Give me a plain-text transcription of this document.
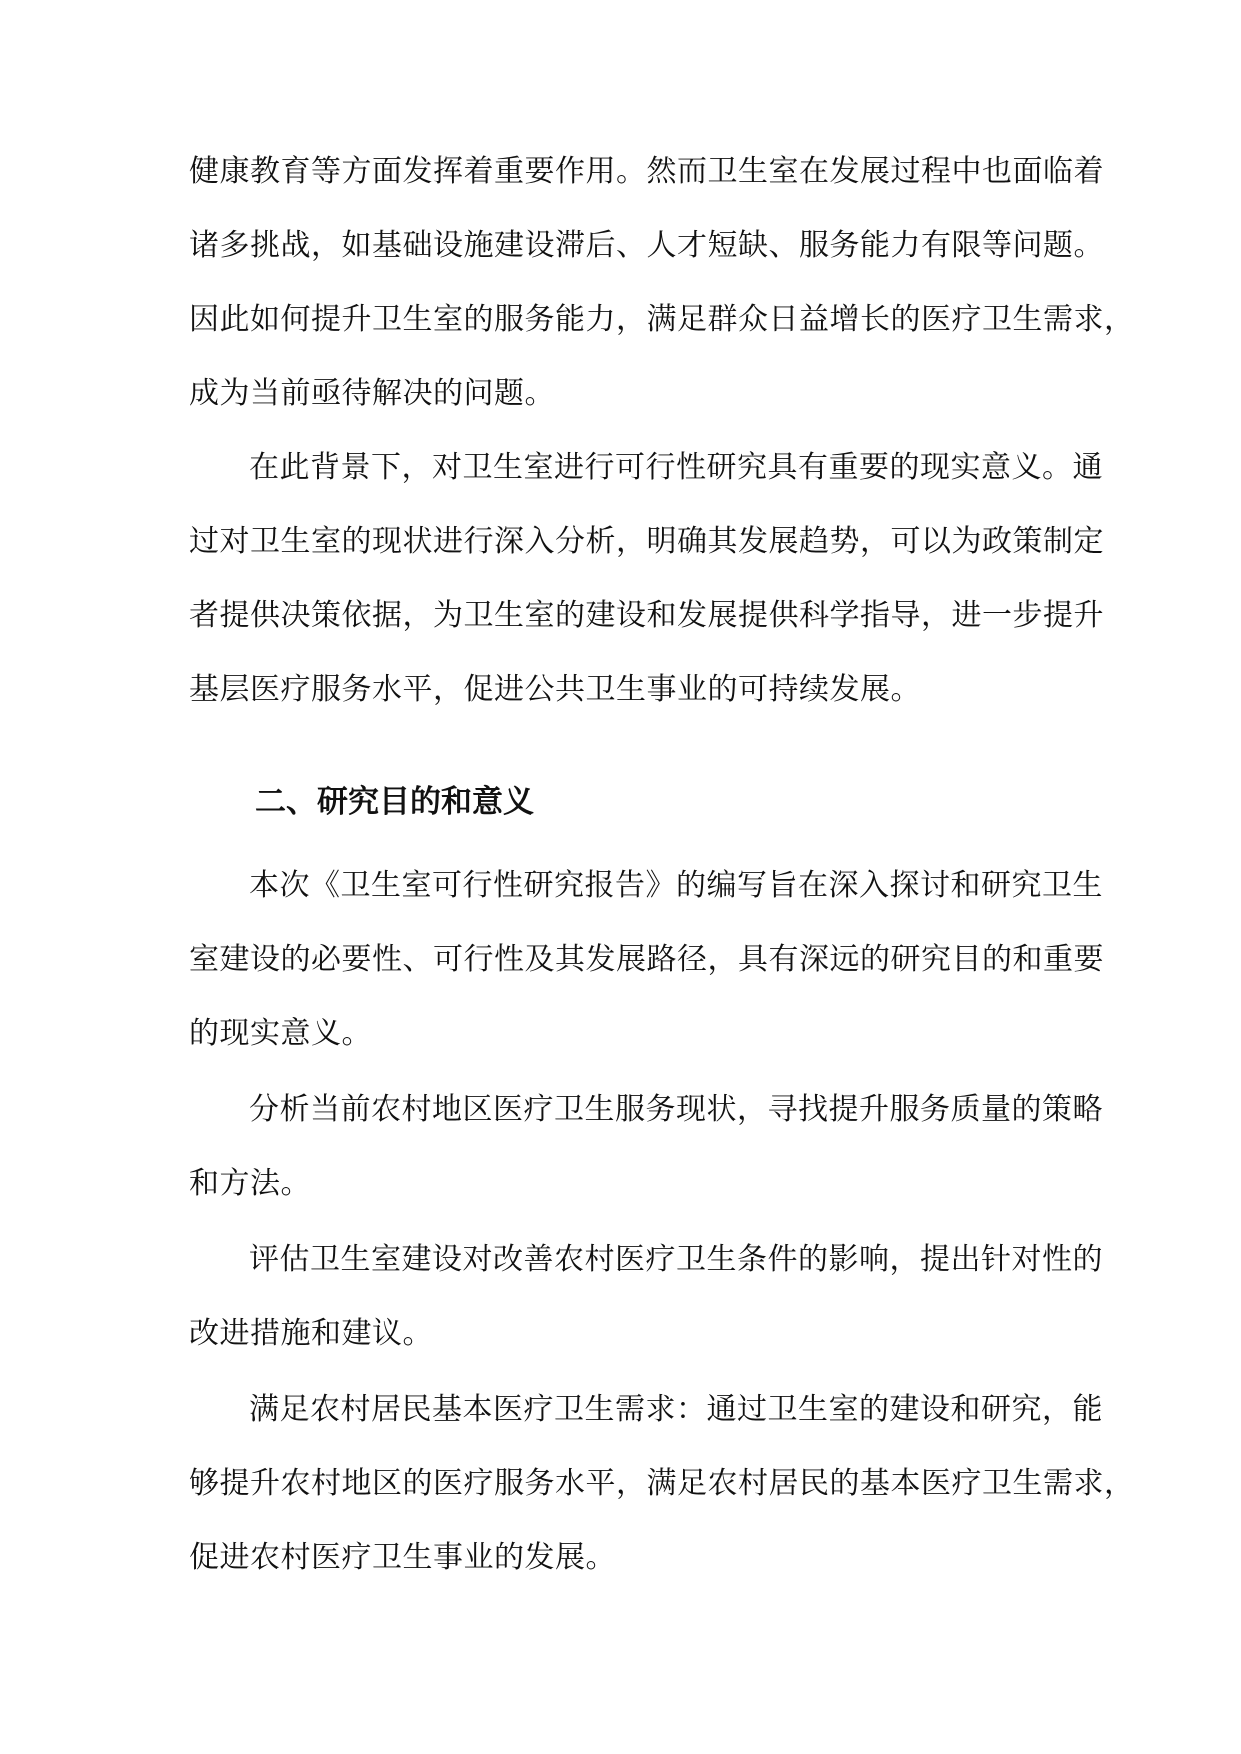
健康教育等方面发挥着重要作用。然而卫生室在发展过程中也面临着
诸多挑战，如基础设施建设滞后、人才短缺、服务能力有限等问题。
因此如何提升卫生室的服务能力，满足群众日益增长的医疗卫生需求，
成为当前亟待解决的问题。
在此背景下，对卫生室进行可行性研究具有重要的现实意义。通
过对卫生室的现状进行深入分析，明确其发展趋势，可以为政策制定
者提供决策依据，为卫生室的建设和发展提供科学指导，进一步提升
基层医疗服务水平，促进公共卫生事业的可持续发展。
二、研究目的和意义
本次《卫生室可行性研究报告》的编写旨在深入探讨和研究卫生
室建设的必要性、可行性及其发展路径，具有深远的研究目的和重要
的现实意义。
分析当前农村地区医疗卫生服务现状，寻找提升服务质量的策略
和方法。
评估卫生室建设对改善农村医疗卫生条件的影响，提出针对性的
改进措施和建议。
满足农村居民基本医疗卫生需求：通过卫生室的建设和研究，能
够提升农村地区的医疗服务水平，满足农村居民的基本医疗卫生需求，
促进农村医疗卫生事业的发展。
